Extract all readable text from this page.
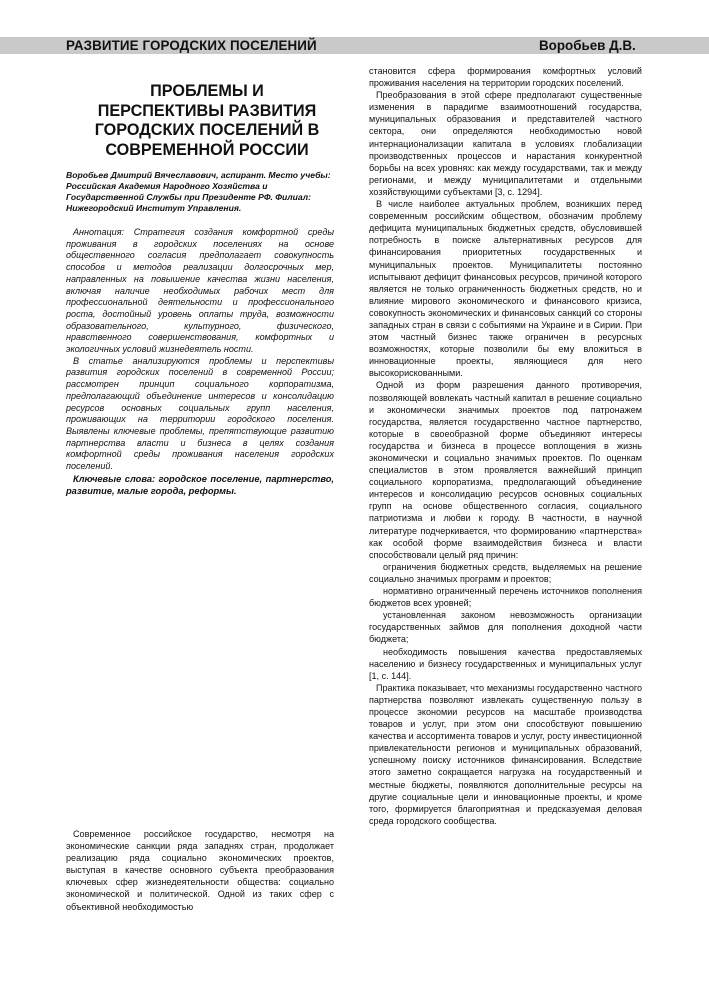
РАЗВИТИЕ ГОРОДСКИХ ПОСЕЛЕНИЙ	Воробьев Д.В.
ПРОБЛЕМЫ И
ПЕРСПЕКТИВЫ РАЗВИТИЯ
ГОРОДСКИХ ПОСЕЛЕНИЙ В
СОВРЕМЕННОЙ РОССИИ

Воробьев Дмитрий Вячеславович, аспирант. Место учебы: Российская Академия Народного Хозяйства и Государственной Службы при Президенте РФ. Филиал: Нижегородский Институт Управления.

Аннотация: Стратегия создания комфортной среды проживания в городских поселениях на основе общественного согласия предполагает совокупность способов и методов реализации долгосрочных мер, направленных на повышение качества жизни населения, включая наличие необходимых рабочих мест для профессиональной деятельности и профессионального роста, достойный уровень оплаты труда, возможности образовательного, культурного, физического, нравственного совершенствования, комфортных и экологичных условий жизнедеятель ности.

В статье анализируются проблемы и перспективы развития городских поселений в современной России; рассмотрен принцип социального корпоратизма, предполагающий объединение интересов и консолидацию ресурсов основных социальных групп населения, проживающих на территории городского поселения. Выявлены ключевые проблемы, препятствующие развитию партнерства власти и бизнеса в целях создания комфортной среды проживания населения городских поселений.

Ключевые слова: городское поселение, партнерство, развитие, малые города, реформы.

Современное российское государство, несмотря на экономические санкции ряда западнях стран, продолжает реализацию ряда социально экономических проектов, выступая в качестве основного субъекта преобразования ключевых сфер жизнедеятельности общества: социально экономической и политической. Одной из таких сфер с объективной необходимостью

становится сфера формирования комфортных условий проживания населения на территории городских поселений.

Преобразования в этой сфере предполагают существенные изменения в парадигме взаимоотношений государства, муниципальных образования и представителей частного сектора, они определяются необходимостью новой интернационализации капитала в условиях глобализации производственных процессов и нарастания конкурентной борьбы на всех уровнях: как между государствами, так и между регионами, и между муниципалитетами и отдельными хозяйствующими субъектами [3, с. 1294].

В числе наиболее актуальных проблем, возникших перед современным российским обществом, обозначим проблему дефицита муниципальных бюджетных средств, обусловившей потребность в поиске альтернативных ресурсов для финансирования приоритетных государственных и муниципальных проектов. Муниципалитеты постоянно испытывают дефицит финансовых ресурсов, причиной которого является не только ограниченность бюджетных средств, но и влияние мирового экономического и финансового кризиса, совокупность экономических и финансовых санкций со стороны западных стран в связи с событиями на Украине и в Сирии. При этом частный бизнес также ограничен в ресурсных возможностях, которые позволили бы ему вложиться в инновационные проекты, являющиеся для него высокорискованными.

Одной из форм разрешения данного противоречия, позволяющей вовлекать частный капитал в решение социально и экономически значимых проектов под патронажем государства, является государственно частное партнерство, которые в своеобразной форме объединяют интересы государства и бизнеса в процессе воплощения в жизнь экономически и социально значимых проектов. По оценкам специалистов в этом проявляется важнейший принцип социального корпоратизма, предполагающий объединение интересов и консолидацию ресурсов основных социальных групп на основе общественного согласия, социального патриотизма и любви к городу. В частности, в научной литературе подчеркивается, что формированию «партнерства» как особой форме взаимодействия бизнеса и власти способствовали целый ряд причин:

ограничения бюджетных средств, выделяемых на решение социально значимых программ и проектов;

нормативно ограниченный перечень источников пополнения бюджетов всех уровней;

установленная законом невозможность организации государственных займов для пополнения доходной части бюджета;

необходимость повышения качества предоставляемых населению и бизнесу государственных и муниципальных услуг [1, с. 144].

Практика показывает, что механизмы государственно частного партнерства позволяют извлекать существенную пользу в процессе экономии ресурсов на масштабе производства товаров и услуг, при этом они способствуют повышению качества и ассортимента товаров и услуг, росту инвестиционной привлекательности регионов и муниципальных образований, успешному поиску источников финансирования. Вследствие этого заметно сокращается нагрузка на государственный и местные бюджеты, появляются дополнительные ресурсы на другие социальные цели и инновационные проекты, и кроме того, формируется благоприятная и предсказуемая деловая среда городского сообщества.
